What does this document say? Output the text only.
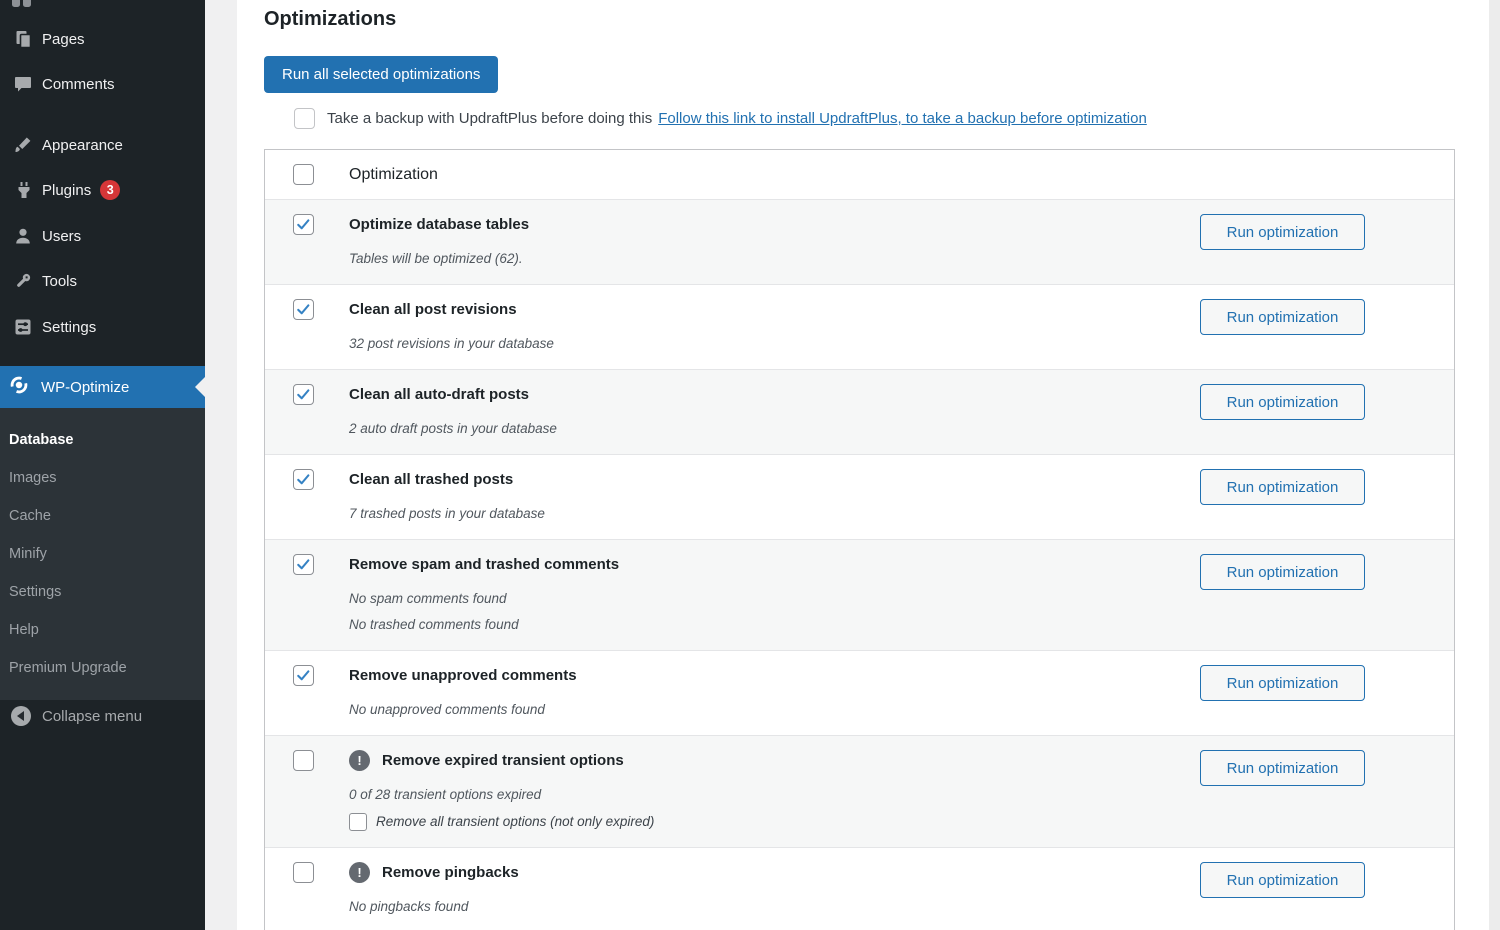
Pages
Comments
Appearance
Plugins	3
Users
Tools
Settings
WP-Optimize
Database
Images
Cache
Minify
Settings
Help
Premium Upgrade
Collapse menu
Optimizations
Run all selected optimizations
Take a backup with UpdraftPlus before doing this Follow this link to install UpdraftPlus, to take a backup before optimization
Optimization
Optimize database tables
Tables will be optimized (62).
Run optimization
Clean all post revisions
32 post revisions in your database
Run optimization
Clean all auto-draft posts
2 auto draft posts in your database
Run optimization
Clean all trashed posts
7 trashed posts in your database
Run optimization
Remove spam and trashed comments
No spam comments found
No trashed comments found
Run optimization
Remove unapproved comments
No unapproved comments found
Run optimization
!	Remove expired transient options
0 of 28 transient options expired
Remove all transient options (not only expired)
Run optimization
!	Remove pingbacks
No pingbacks found
Run optimization
